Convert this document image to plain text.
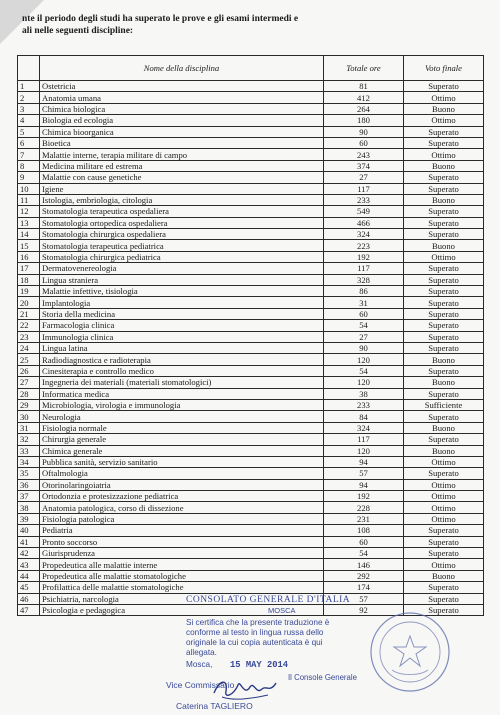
nte il periodo degli studi ha superato le prove e gli esami intermedi e
ali nelle seguenti discipline:
	Nome della disciplina	Totale ore	Voto finale
1	Ostetricia	81	Superato
2	Anatomia umana	412	Ottimo
3	Chimica biologica	264	Buono
4	Biologia ed ecologia	180	Ottimo
5	Chimica bioorganica	90	Superato
6	Bioetica	60	Superato
7	Malattie interne, terapia militare di campo	243	Ottimo
8	Medicina militare ed estrema	374	Buono
9	Malattie con cause genetiche	27	Superato
10	Igiene	117	Superato
11	Istologia, embriologia, citologia	233	Buono
12	Stomatologia terapeutica ospedaliera	549	Superato
13	Stomatologia ortopedica ospedaliera	466	Superato
14	Stomatologia chirurgica ospedaliera	324	Superato
15	Stomatologia terapeutica pediatrica	223	Buono
16	Stomatologia chirurgica pediatrica	192	Ottimo
17	Dermatovenereologia	117	Superato
18	Lingua straniera	328	Superato
19	Malattie infettive, tisiologia	86	Superato
20	Implantologia	31	Superato
21	Storia della medicina	60	Superato
22	Farmacologia clinica	54	Superato
23	Immunologia clinica	27	Superato
24	Lingua latina	90	Superato
25	Radiodiagnostica e radioterapia	120	Buono
26	Cinesiterapia e controllo medico	54	Superato
27	Ingegneria dei materiali (materiali stomatologici)	120	Buono
28	Informatica medica	38	Superato
29	Microbiologia, virologia e immunologia	233	Sufficiente
30	Neurologia	84	Superato
31	Fisiologia normale	324	Buono
32	Chirurgia generale	117	Superato
33	Chimica generale	120	Buono
34	Pubblica sanità, servizio sanitario	94	Ottimo
35	Oftalmologia	57	Superato
36	Otorinolaringoiatria	94	Ottimo
37	Ortodonzia e protesizzazione pediatrica	192	Ottimo
38	Anatomia patologica, corso di dissezione	228	Ottimo
39	Fisiologia patologica	231	Ottimo
40	Pediatria	108	Superato
41	Pronto soccorso	60	Superato
42	Giurisprudenza	54	Superato
43	Propedeutica alle malattie interne	146	Ottimo
44	Propedeutica alle malattie stomatologiche	292	Buono
45	Profilattica delle malattie stomatologiche	174	Superato
46	Psichiatria, narcologia	57	Superato
47	Psicologia e pedagogica	92	Superato
CONSOLATO GENERALE D'ITALIA
MOSCA
Si certifica che la presente traduzione è
conforme al testo in lingua russa dello
originale la cui copia autenticata è qui
allegata.
Mosca, 15 MAY 2014
Il Console Generale
Vice Commissario
Caterina TAGLIERO
